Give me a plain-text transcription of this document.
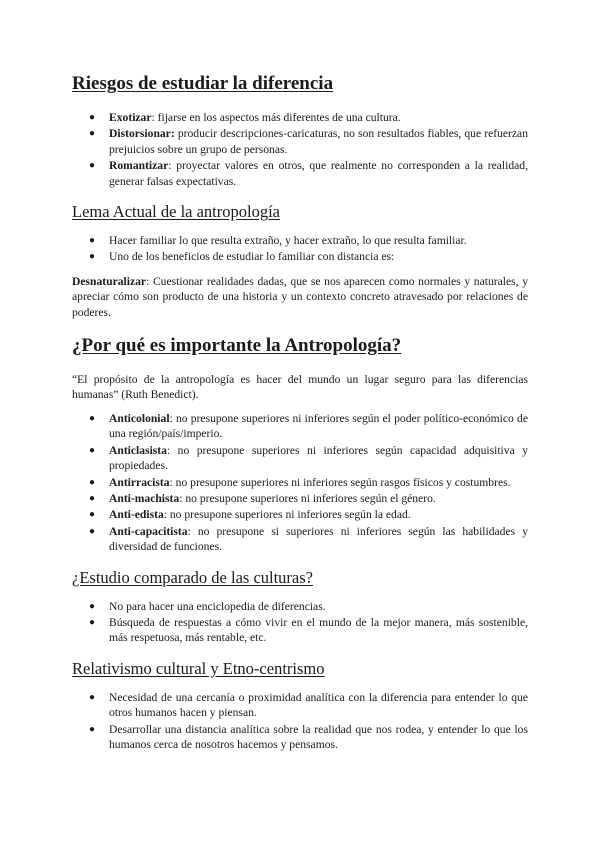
Riesgos de estudiar la diferencia
● Exotizar: fijarse en los aspectos más diferentes de una cultura.
● Distorsionar: producir descripciones-caricaturas, no son resultados fiables, que refuerzan prejuicios sobre un grupo de personas.
● Romantizar: proyectar valores en otros, que realmente no corresponden a la realidad, generar falsas expectativas.
Lema Actual de la antropología
● Hacer familiar lo que resulta extraño, y hacer extraño, lo que resulta familiar.
● Uno de los beneficios de estudiar lo familiar con distancia es:

Desnaturalizar: Cuestionar realidades dadas, que se nos aparecen como normales y naturales, y apreciar cómo son producto de una historia y un contexto concreto atravesado por relaciones de poderes.

¿Por qué es importante la Antropología?

“El propósito de la antropología es hacer del mundo un lugar seguro para las diferencias humanas” (Ruth Benedict).

● Anticolonial: no presupone superiores ni inferiores según el poder político-económico de una región/país/imperio.
● Anticlasista: no presupone superiores ni inferiores según capacidad adquisitiva y propiedades.
● Antirracista: no presupone superiores ni inferiores según rasgos físicos y costumbres.
● Anti-machista: no presupone superiores ni inferiores según el género.
● Anti-edista: no presupone superiores ni inferiores según la edad.
● Anti-capacitista: no presupone si superiores ni inferiores según las habilidades y diversidad de funciones.
¿Estudio comparado de las culturas?
● No para hacer una enciclopedia de diferencias.
● Búsqueda de respuestas a cómo vivir en el mundo de la mejor manera, más sostenible, más respetuosa, más rentable, etc.
Relativismo cultural y Etno-centrismo
● Necesidad de una cercanía o proximidad analítica con la diferencia para entender lo que otros humanos hacen y piensan.
● Desarrollar una distancia analítica sobre la realidad que nos rodea, y entender lo que los humanos cerca de nosotros hacemos y pensamos.
